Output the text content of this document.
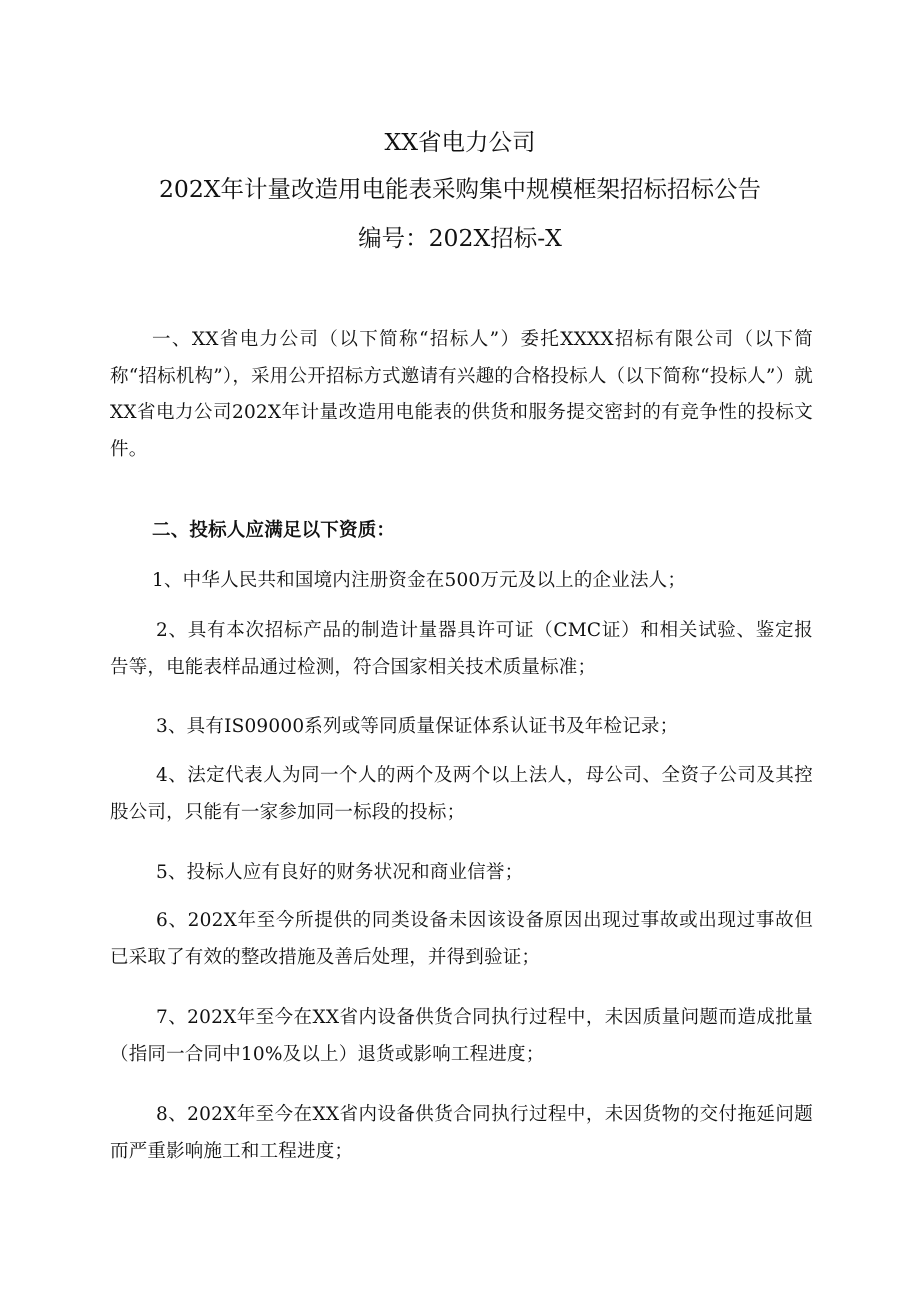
XX省电力公司
202X年计量改造用电能表采购集中规模框架招标招标公告
编号：202X招标-X
一、XX省电力公司（以下简称“招标人”）委托XXXX招标有限公司（以下简称“招标机构”），采用公开招标方式邀请有兴趣的合格投标人（以下简称“投标人”）就XX省电力公司202X年计量改造用电能表的供货和服务提交密封的有竞争性的投标文件。
二、投标人应满足以下资质：
1、中华人民共和国境内注册资金在500万元及以上的企业法人；
2、具有本次招标产品的制造计量器具许可证（CMC证）和相关试验、鉴定报告等，电能表样品通过检测，符合国家相关技术质量标准；
3、具有IS09000系列或等同质量保证体系认证书及年检记录；
4、法定代表人为同一个人的两个及两个以上法人，母公司、全资子公司及其控股公司，只能有一家参加同一标段的投标；
5、投标人应有良好的财务状况和商业信誉；
6、202X年至今所提供的同类设备未因该设备原因出现过事故或出现过事故但已采取了有效的整改措施及善后处理，并得到验证；
7、202X年至今在XX省内设备供货合同执行过程中，未因质量问题而造成批量（指同一合同中10%及以上）退货或影响工程进度；
8、202X年至今在XX省内设备供货合同执行过程中，未因货物的交付拖延问题而严重影响施工和工程进度；
